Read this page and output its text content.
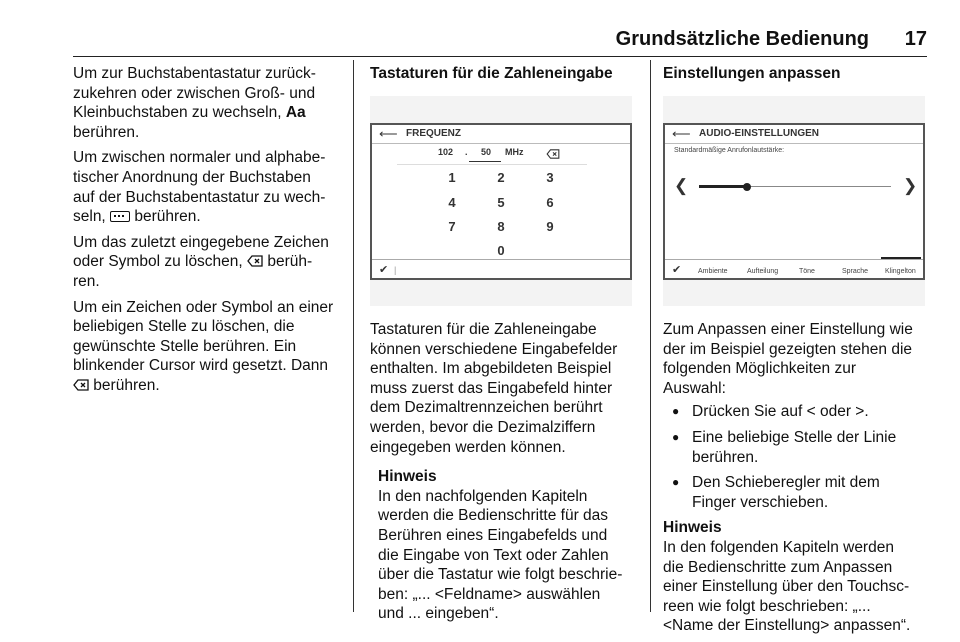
Grundsätzliche Bedienung 17

Um zur Buchstabentastatur zurück-
zukehren oder zwischen Groß- und
Kleinbuchstaben zu wechseln, Aa
berühren.

Um zwischen normaler und alphabe-
tischer Anordnung der Buchstaben
auf der Buchstabentastatur zu wech-
seln,  berühren.

Um das zuletzt eingegebene Zeichen
oder Symbol zu löschen,  berüh-
ren.

Um ein Zeichen oder Symbol an einer
beliebigen Stelle zu löschen, die
gewünschte Stelle berühren. Ein
blinkender Cursor wird gesetzt. Dann
berühren.

Tastaturen für die Zahleneingabe
⟵ FREQUENZ
102 . 50 MHz
1	2	3
4	5	6
7	8	9
0
✔ |

Tastaturen für die Zahleneingabe
können verschiedene Eingabefelder
enthalten. Im abgebildeten Beispiel
muss zuerst das Eingabefeld hinter
dem Dezimaltrennzeichen berührt
werden, bevor die Dezimalziffern
eingegeben werden können.

Hinweis
In den nachfolgenden Kapiteln
werden die Bedienschritte für das
Berühren eines Eingabefelds und
die Eingabe von Text oder Zahlen
über die Tastatur wie folgt beschrie-
ben: „... <Feldname> auswählen
und ... eingeben“.
Einstellungen anpassen
⟵ AUDIO-EINSTELLUNGEN
Standardmäßige Anrufonlautstärke:
❮	❯
✔ Ambiente	Aufteilung	Töne	Sprache Klingelton

Zum Anpassen einer Einstellung wie
der im Beispiel gezeigten stehen die
folgenden Möglichkeiten zur
Auswahl:

● Drücken Sie auf < oder >.
● Eine beliebige Stelle der Linie berühren.
● Den Schieberegler mit dem Finger verschieben.
Hinweis
In den folgenden Kapiteln werden
die Bedienschritte zum Anpassen
einer Einstellung über den Touchsc-
reen wie folgt beschrieben: „...
<Name der Einstellung> anpassen“.
